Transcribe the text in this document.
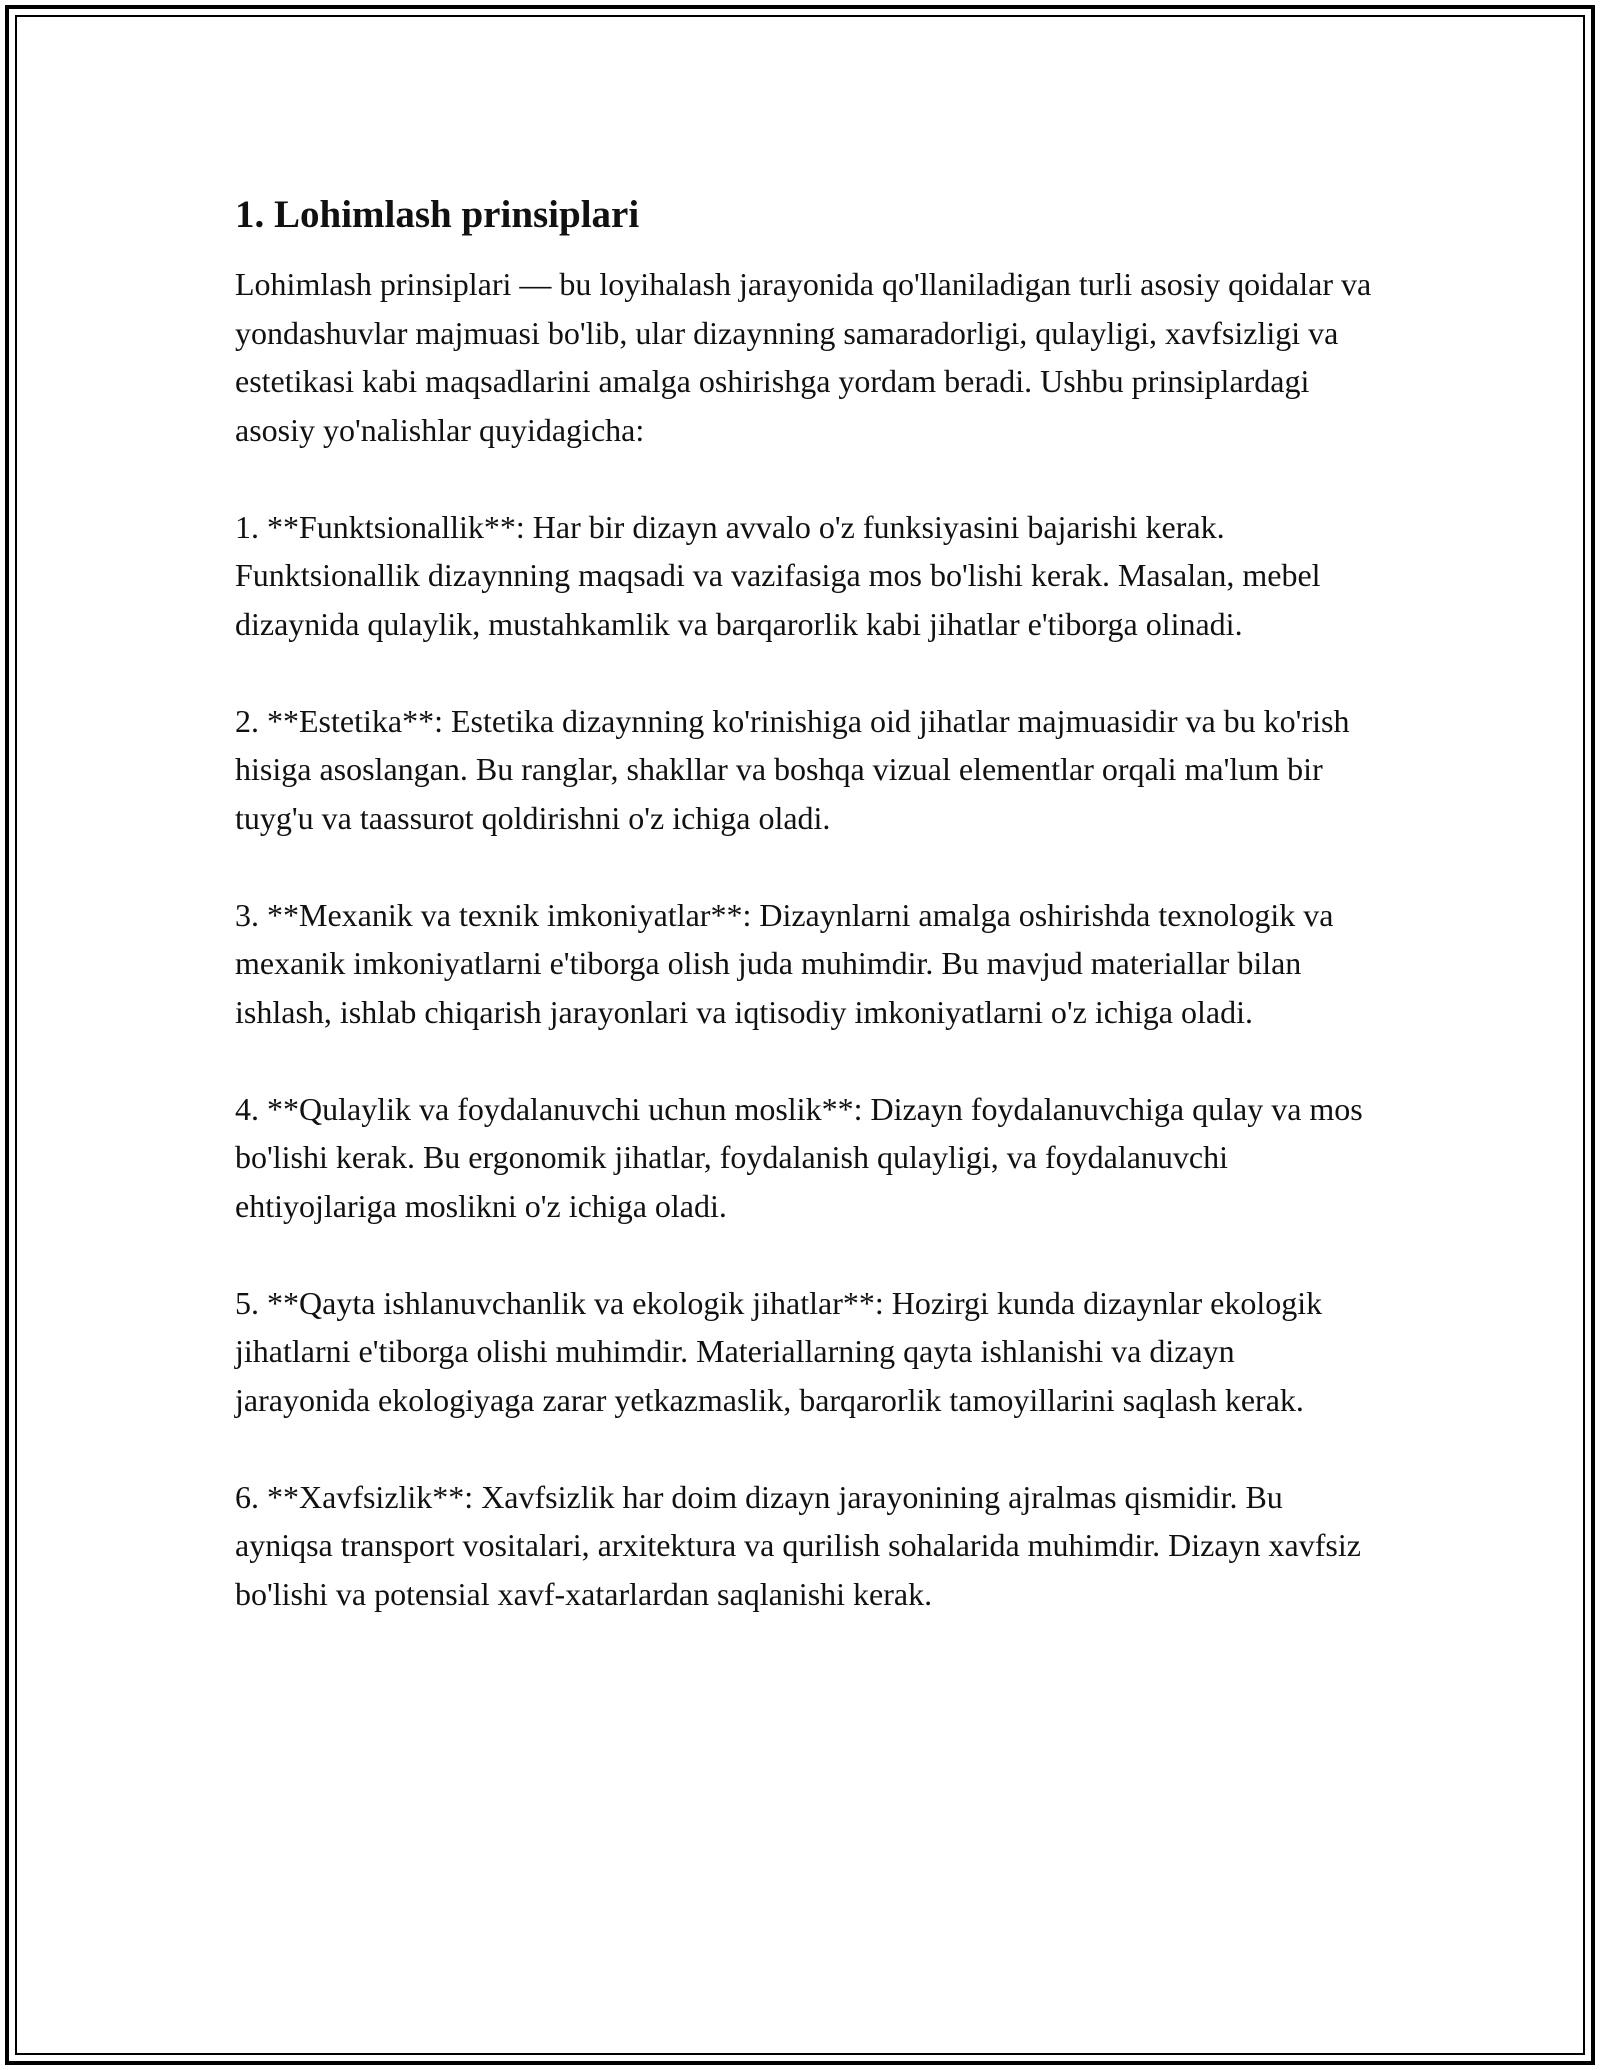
1. Lohimlash prinsiplari

Lohimlash prinsiplari — bu loyihalash jarayonida qo'llaniladigan turli asosiy qoidalar va yondashuvlar majmuasi bo'lib, ular dizaynning samaradorligi, qulayligi, xavfsizligi va estetikasi kabi maqsadlarini amalga oshirishga yordam beradi. Ushbu prinsiplardagi asosiy yo'nalishlar quyidagicha:

1. **Funktsionallik**: Har bir dizayn avvalo o'z funksiyasini bajarishi kerak. Funktsionallik dizaynning maqsadi va vazifasiga mos bo'lishi kerak. Masalan, mebel dizaynida qulaylik, mustahkamlik va barqarorlik kabi jihatlar e'tiborga olinadi.

2. **Estetika**: Estetika dizaynning ko'rinishiga oid jihatlar majmuasidir va bu ko'rish hisiga asoslangan. Bu ranglar, shakllar va boshqa vizual elementlar orqali ma'lum bir tuyg'u va taassurot qoldirishni o'z ichiga oladi.

3. **Mexanik va texnik imkoniyatlar**: Dizaynlarni amalga oshirishda texnologik va mexanik imkoniyatlarni e'tiborga olish juda muhimdir. Bu mavjud materiallar bilan ishlash, ishlab chiqarish jarayonlari va iqtisodiy imkoniyatlarni o'z ichiga oladi.

4. **Qulaylik va foydalanuvchi uchun moslik**: Dizayn foydalanuvchiga qulay va mos bo'lishi kerak. Bu ergonomik jihatlar, foydalanish qulayligi, va foydalanuvchi ehtiyojlariga moslikni o'z ichiga oladi.

5. **Qayta ishlanuvchanlik va ekologik jihatlar**: Hozirgi kunda dizaynlar ekologik jihatlarni e'tiborga olishi muhimdir. Materiallarning qayta ishlanishi va dizayn jarayonida ekologiyaga zarar yetkazmaslik, barqarorlik tamoyillarini saqlash kerak.

6. **Xavfsizlik**: Xavfsizlik har doim dizayn jarayonining ajralmas qismidir. Bu ayniqsa transport vositalari, arxitektura va qurilish sohalarida muhimdir. Dizayn xavfsiz bo'lishi va potensial xavf-xatarlardan saqlanishi kerak.
